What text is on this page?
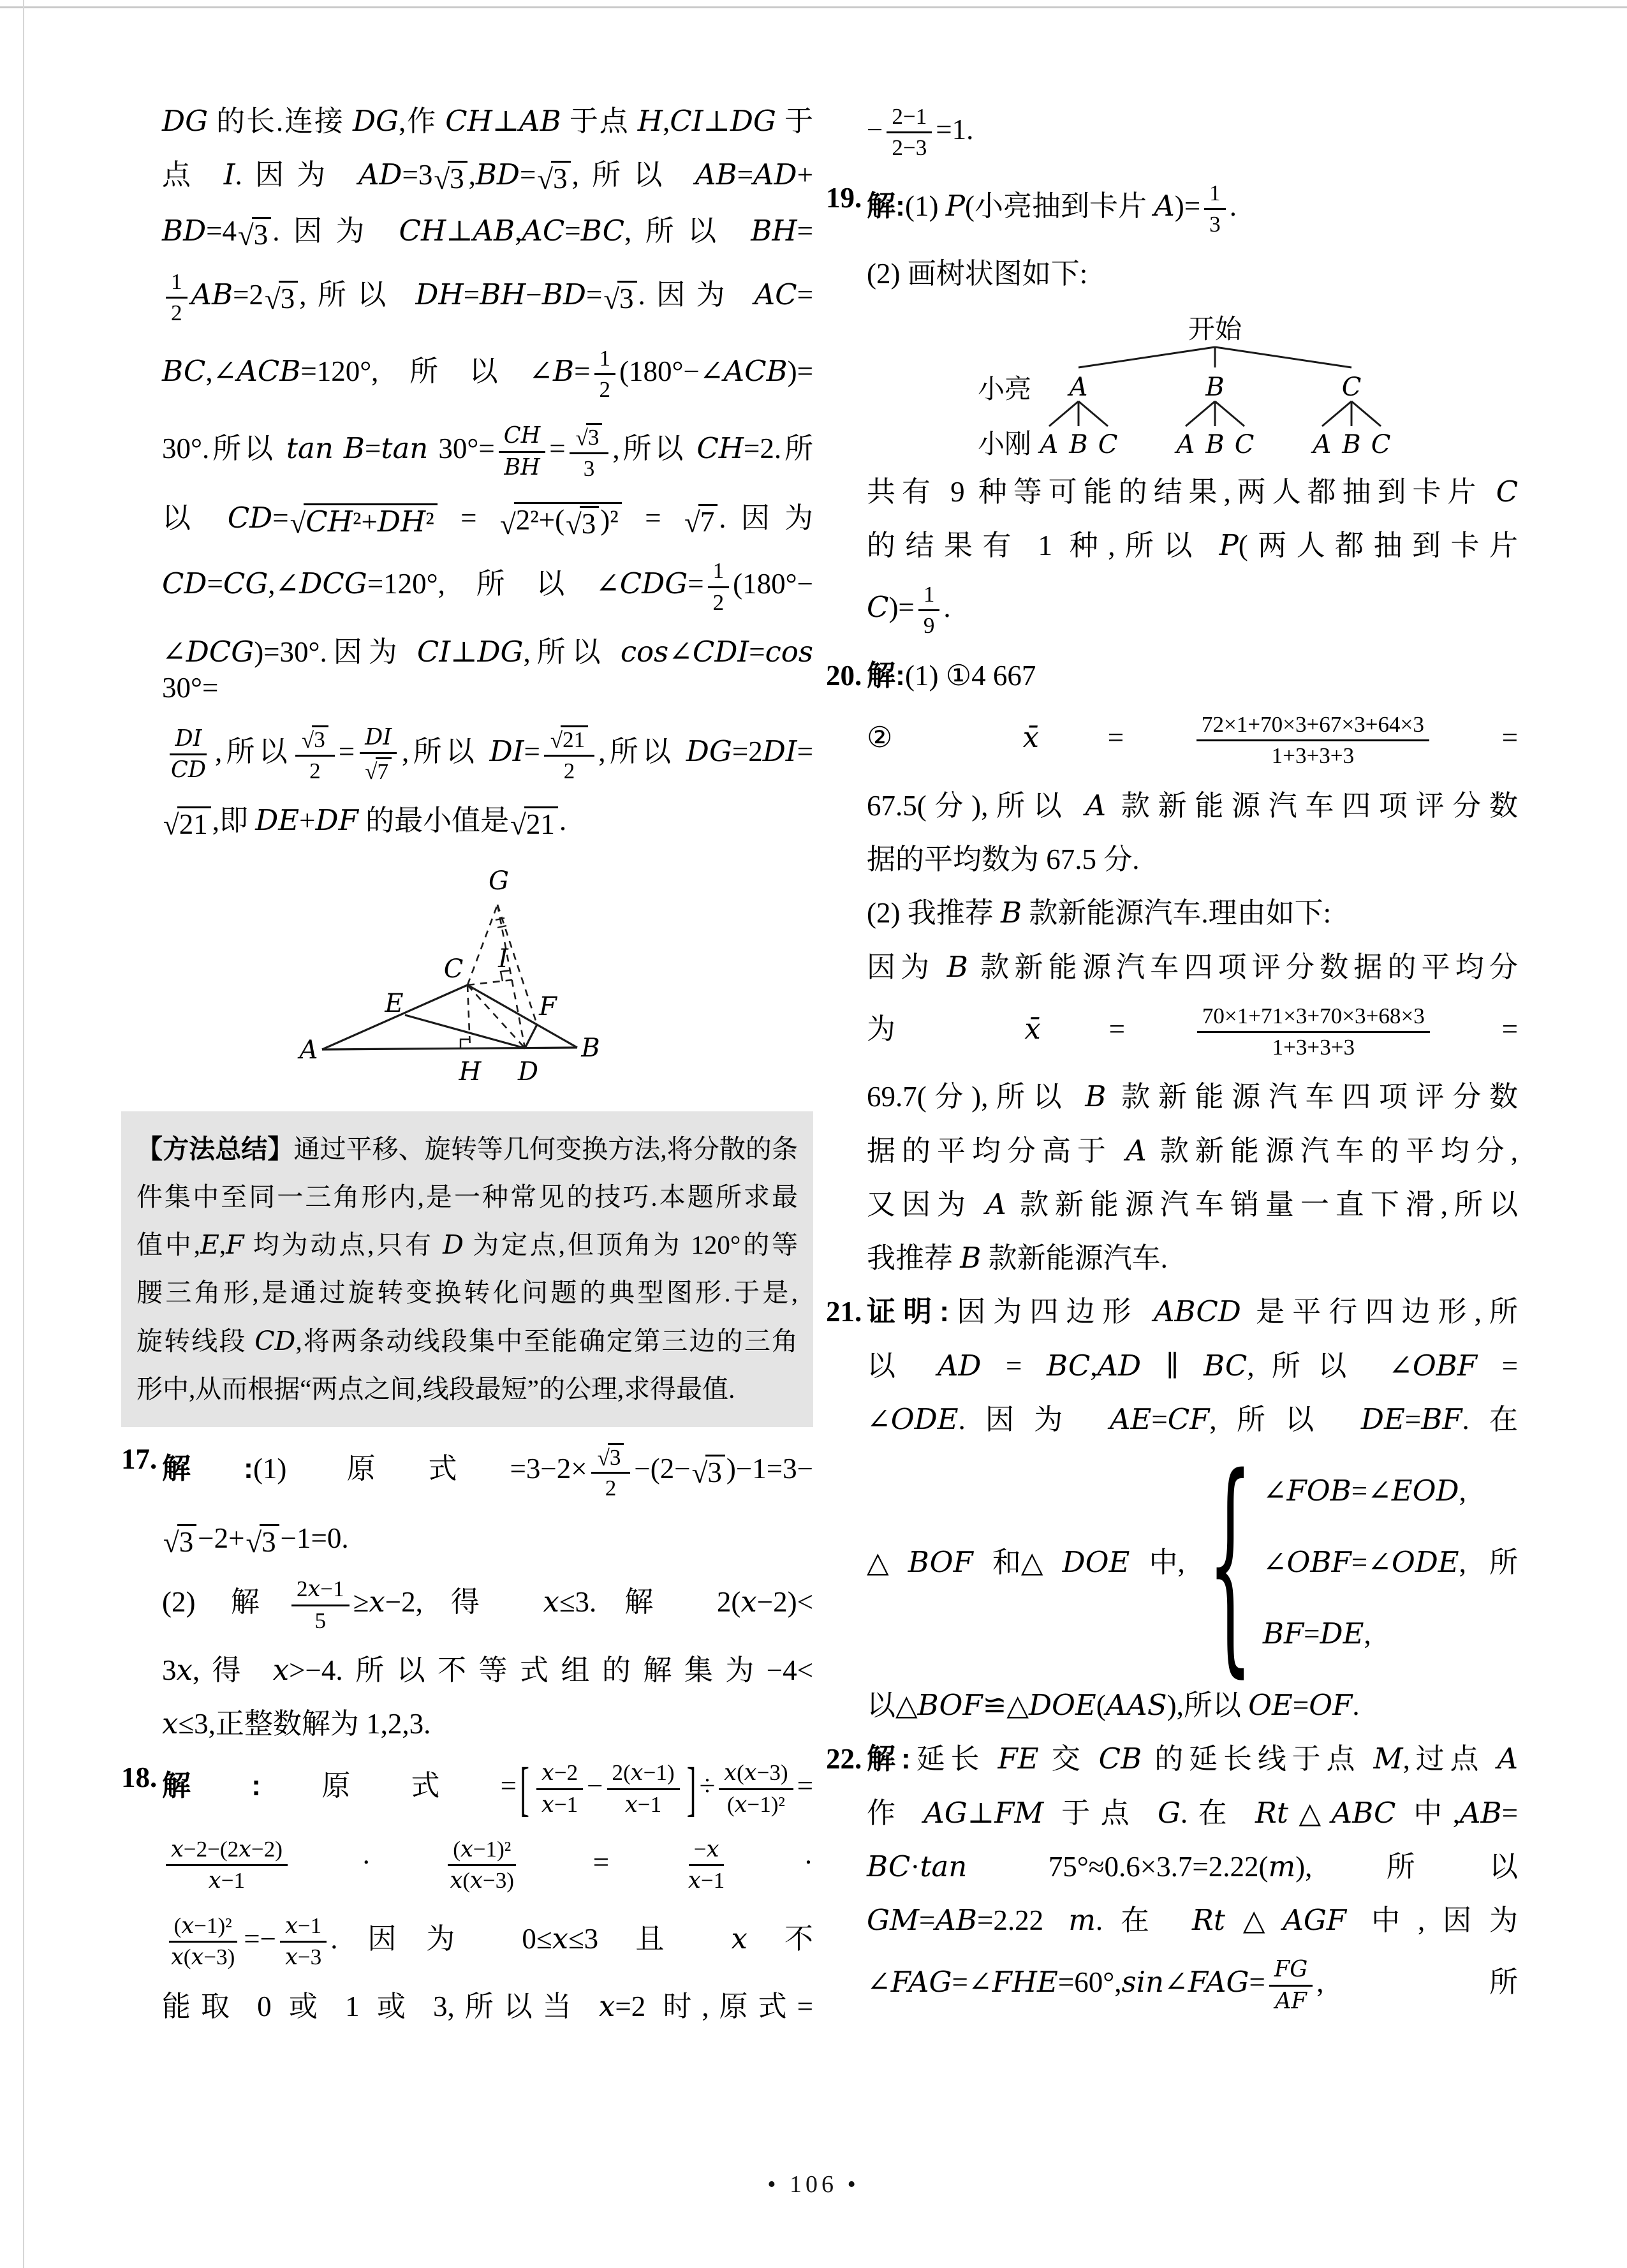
DG 的长.连接 DG,作 CH⊥AB 于点 H,CI⊥DG 于
点 I.因为 AD=3 √ 3 ,BD= √ 3 ,所以 AB=AD+
BD=4 √ 3 .因为 CH⊥AB,AC=BC,所以 BH=
$\frac{1}{2} AB=2$ √ 3 ,所以 DH=BH−BD= √ 3 .因为 AC=
BC,∠ACB=120°,所以∠B= $\frac{1}{2}$ (180°−∠ACB)=
30°.所以 tan B=tan $30^\circ= \frac{CH}{BH} = \frac{√ 3}{3}$ ,所以 CH=2.所
以 CD= √ CH²+DH² = √ 2²+( √ 3 )² = √ 7 .因为
CD=CG,∠DCG=120°,所以∠CDG= $\frac{1}{2} (180^\circ-$
∠DCG)=30°.因为 CI⊥DG,所以 cos∠CDI=cos 30°=
$\frac{DI}{CD}$ ,所以 $\frac{√ 3}{2} = \frac{DI}{√ 7}$ ,所以 $DI= \frac{√ 21}{2}$ ,所以 DG=2DI=
√ 21 ,即 DE+DF 的最小值是 √ 21 .
A	B
C
D
E	F
G
H
I
【方法总结】通过平移、旋转等几何变换方法,将分散的条
件集中至同一三角形内,是一种常见的技巧.本题所求最
值中,E,F 均为动点,只有 D 为定点,但顶角为 120°的等
腰三角形,是通过旋转变换转化问题的典型图形.于是,
旋转线段 CD,将两条动线段集中至能确定第三边的三角
形中,从而根据“两点之间,线段最短”的公理,求得最值.
17. 解:(1) 原式$=3-2\times \frac{√ 3}{2} -(2-$ √ 3 )−1=3−
√ 3 −2+ √ 3 −1=0.
(2) 解 $\frac{2x-1}{5} \ge x-2$,得 x≤3.解 2(x−2)<
3x,得 x>−4.所以不等式组的解集为−4<
x≤3,正整数解为 1,2,3.
18. 解:原式= [ $\frac{x-2}{x-1} - \frac{2(x-1)}{x-1}$ ] ÷ $\frac{x(x-3)}{\text{(x−1)²}}$ =
$\frac{x-2-(2x-2)}{x-1} \cdot \frac{\text{(x−1)²}}{x(x-3)} = \frac{-x}{x-1}$ ·
$\frac{\text{(x−1)²}}{x(x-3)} =- \frac{x-1}{x-3}$ .因为 0≤x≤3 且 x 不
能取 0 或 1 或 3,所以当 x=2 时,原式=
− $\frac{2-1}{2-3} =1$.
19. 解:(1) P(小亮抽到卡片 $A)= \frac{1}{3}$ .
(2) 画树状图如下:
开始
小亮
小刚
A	B	C
A B C A B C A B C
共有 9 种等可能的结果,两人都抽到卡片 C
的结果有 1 种,所以 P(两人都抽到卡片
$C)= \frac{1}{9}$ .
20. 解:(1) ①4 667
② x̄ = $\frac{72\times 1+70\times 3+67\times 3+64\times 3}{1+3+3+3}$ =
67.5(分),所以 A 款新能源汽车四项评分数
据的平均数为 67.5 分.
(2) 我推荐 B 款新能源汽车.理由如下:
因为 B 款新能源汽车四项评分数据的平均分
为 x̄ = $\frac{70\times 1+71\times 3+70\times 3+68\times 3}{1+3+3+3}$ =
69.7(分),所以 B 款新能源汽车四项评分数
据的平均分高于 A 款新能源汽车的平均分,
又因为 A 款新能源汽车销量一直下滑,所以
我推荐 B 款新能源汽车.
21. 证明:因为四边形 ABCD 是平行四边形,所
以 AD = BC,AD ∥ BC,所以 ∠OBF =
∠ODE.因为 AE=CF,所以 DE=BF.在
△ BOF 和△ DOE 中, { ∠ FOB =∠ EOD ,
∠ OBF =∠ ODE ,
BF = DE ,
所
以△BOF≌△DOE(AAS),所以 OE=OF.
22. 解:延长 FE 交 CB 的延长线于点 M,过点 A
作 AG⊥FM 于点 G.在 Rt△ABC 中,AB=
BC·tan 75°≈0.6×3.7=2.22(m),所以
GM=AB=2.22 m.在 Rt△AGF 中,因为
∠FAG=∠FHE=60°,sin∠FAG= $\frac{FG}{AF}$ ,所
• 106 •
